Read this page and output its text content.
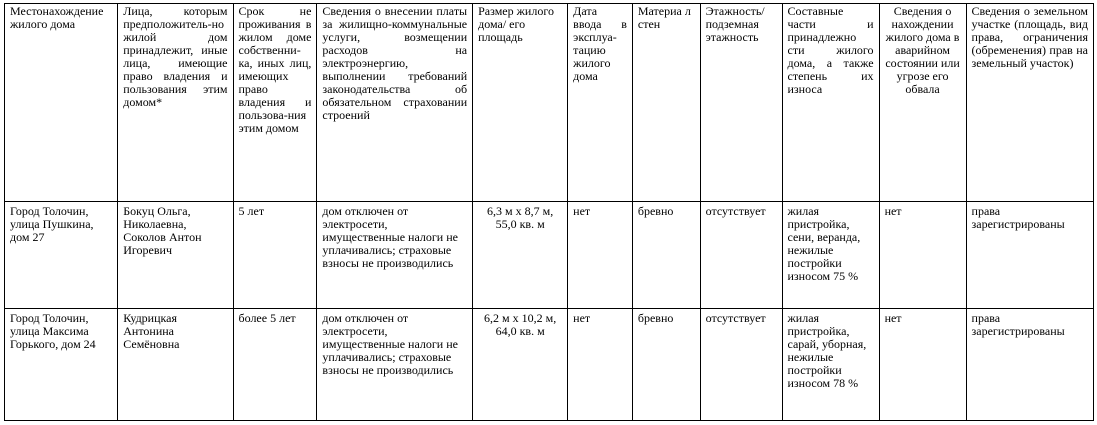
Местонахождение жилого дома	Лица, которым предположитель-но жилой дом принадлежит, иные лица, имеющие право владения и пользования этим домом*	Срок не проживания в жилом доме собственни-ка, иных лиц, имеющих право владения и пользова-ния этим домом	Сведения о внесении платы за жилищно-коммунальные услуги, возмещении расходов на электроэнергию, выполнении требований законодательства об обязательном страховании строений	Размер жилого дома/ его площадь	Дата ввода в эксплуа-тацию жилого дома	Материа л стен	Этажность/ подземная этажность	Составные части и принадлежно сти жилого дома, а также степень их износа	Сведения о нахождении жилого дома в аварийном состоянии или угрозе его обвала	Сведения о земельном участке (площадь, вид права, ограничения (обременения) прав на земельный участок)
Город Толочин, улица Пушкина, дом 27	Бокуц Ольга, Николаевна, Соколов Антон Игоревич	5 лет	дом отключен от электросети, имущественные налоги не уплачивались; страховые взносы не производились	6,3 м х 8,7 м, 55,0 кв. м	нет	бревно	отсутствует	жилая пристройка, сени, веранда, нежилые постройки износом 75 %	нет	права зарегистрированы
Город Толочин, улица Максима Горького, дом 24	Кудрицкая Антонина Семёновна	более 5 лет	дом отключен от электросети, имущественные налоги не уплачивались; страховые взносы не производились	6,2 м х 10,2 м, 64,0 кв. м	нет	бревно	отсутствует	жилая пристройка, сарай, уборная, нежилые постройки износом 78 %	нет	права зарегистрированы
